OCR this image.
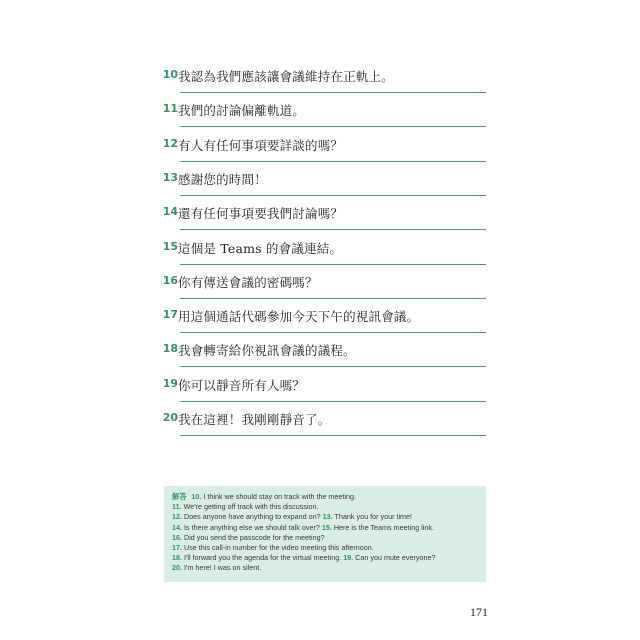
10 我認為我們應該讓會議維持在正軌上。
11 我們的討論偏離軌道。
12 有人有任何事項要詳談的嗎？
13 感謝您的時間！
14 還有任何事項要我們討論嗎？
15 這個是 Teams 的會議連結。
16 你有傳送會議的密碼嗎？
17 用這個通話代碼參加今天下午的視訊會議。
18 我會轉寄給你視訊會議的議程。
19 你可以靜音所有人嗎？
20 我在這裡！我剛剛靜音了。
解答 10. I think we should stay on track with the meeting.
11. We're getting off track with this discussion.
12. Does anyone have anything to expand on? 13. Thank you for your time!
14. Is there anything else we should talk over? 15. Here is the Teams meeting link.
16. Did you send the passcode for the meeting?
17. Use this call-in number for the video meeting this afternoon.
18. I'll forward you the agenda for the virtual meeting. 19. Can you mute everyone?
20. I'm here! I was on silent.
171
